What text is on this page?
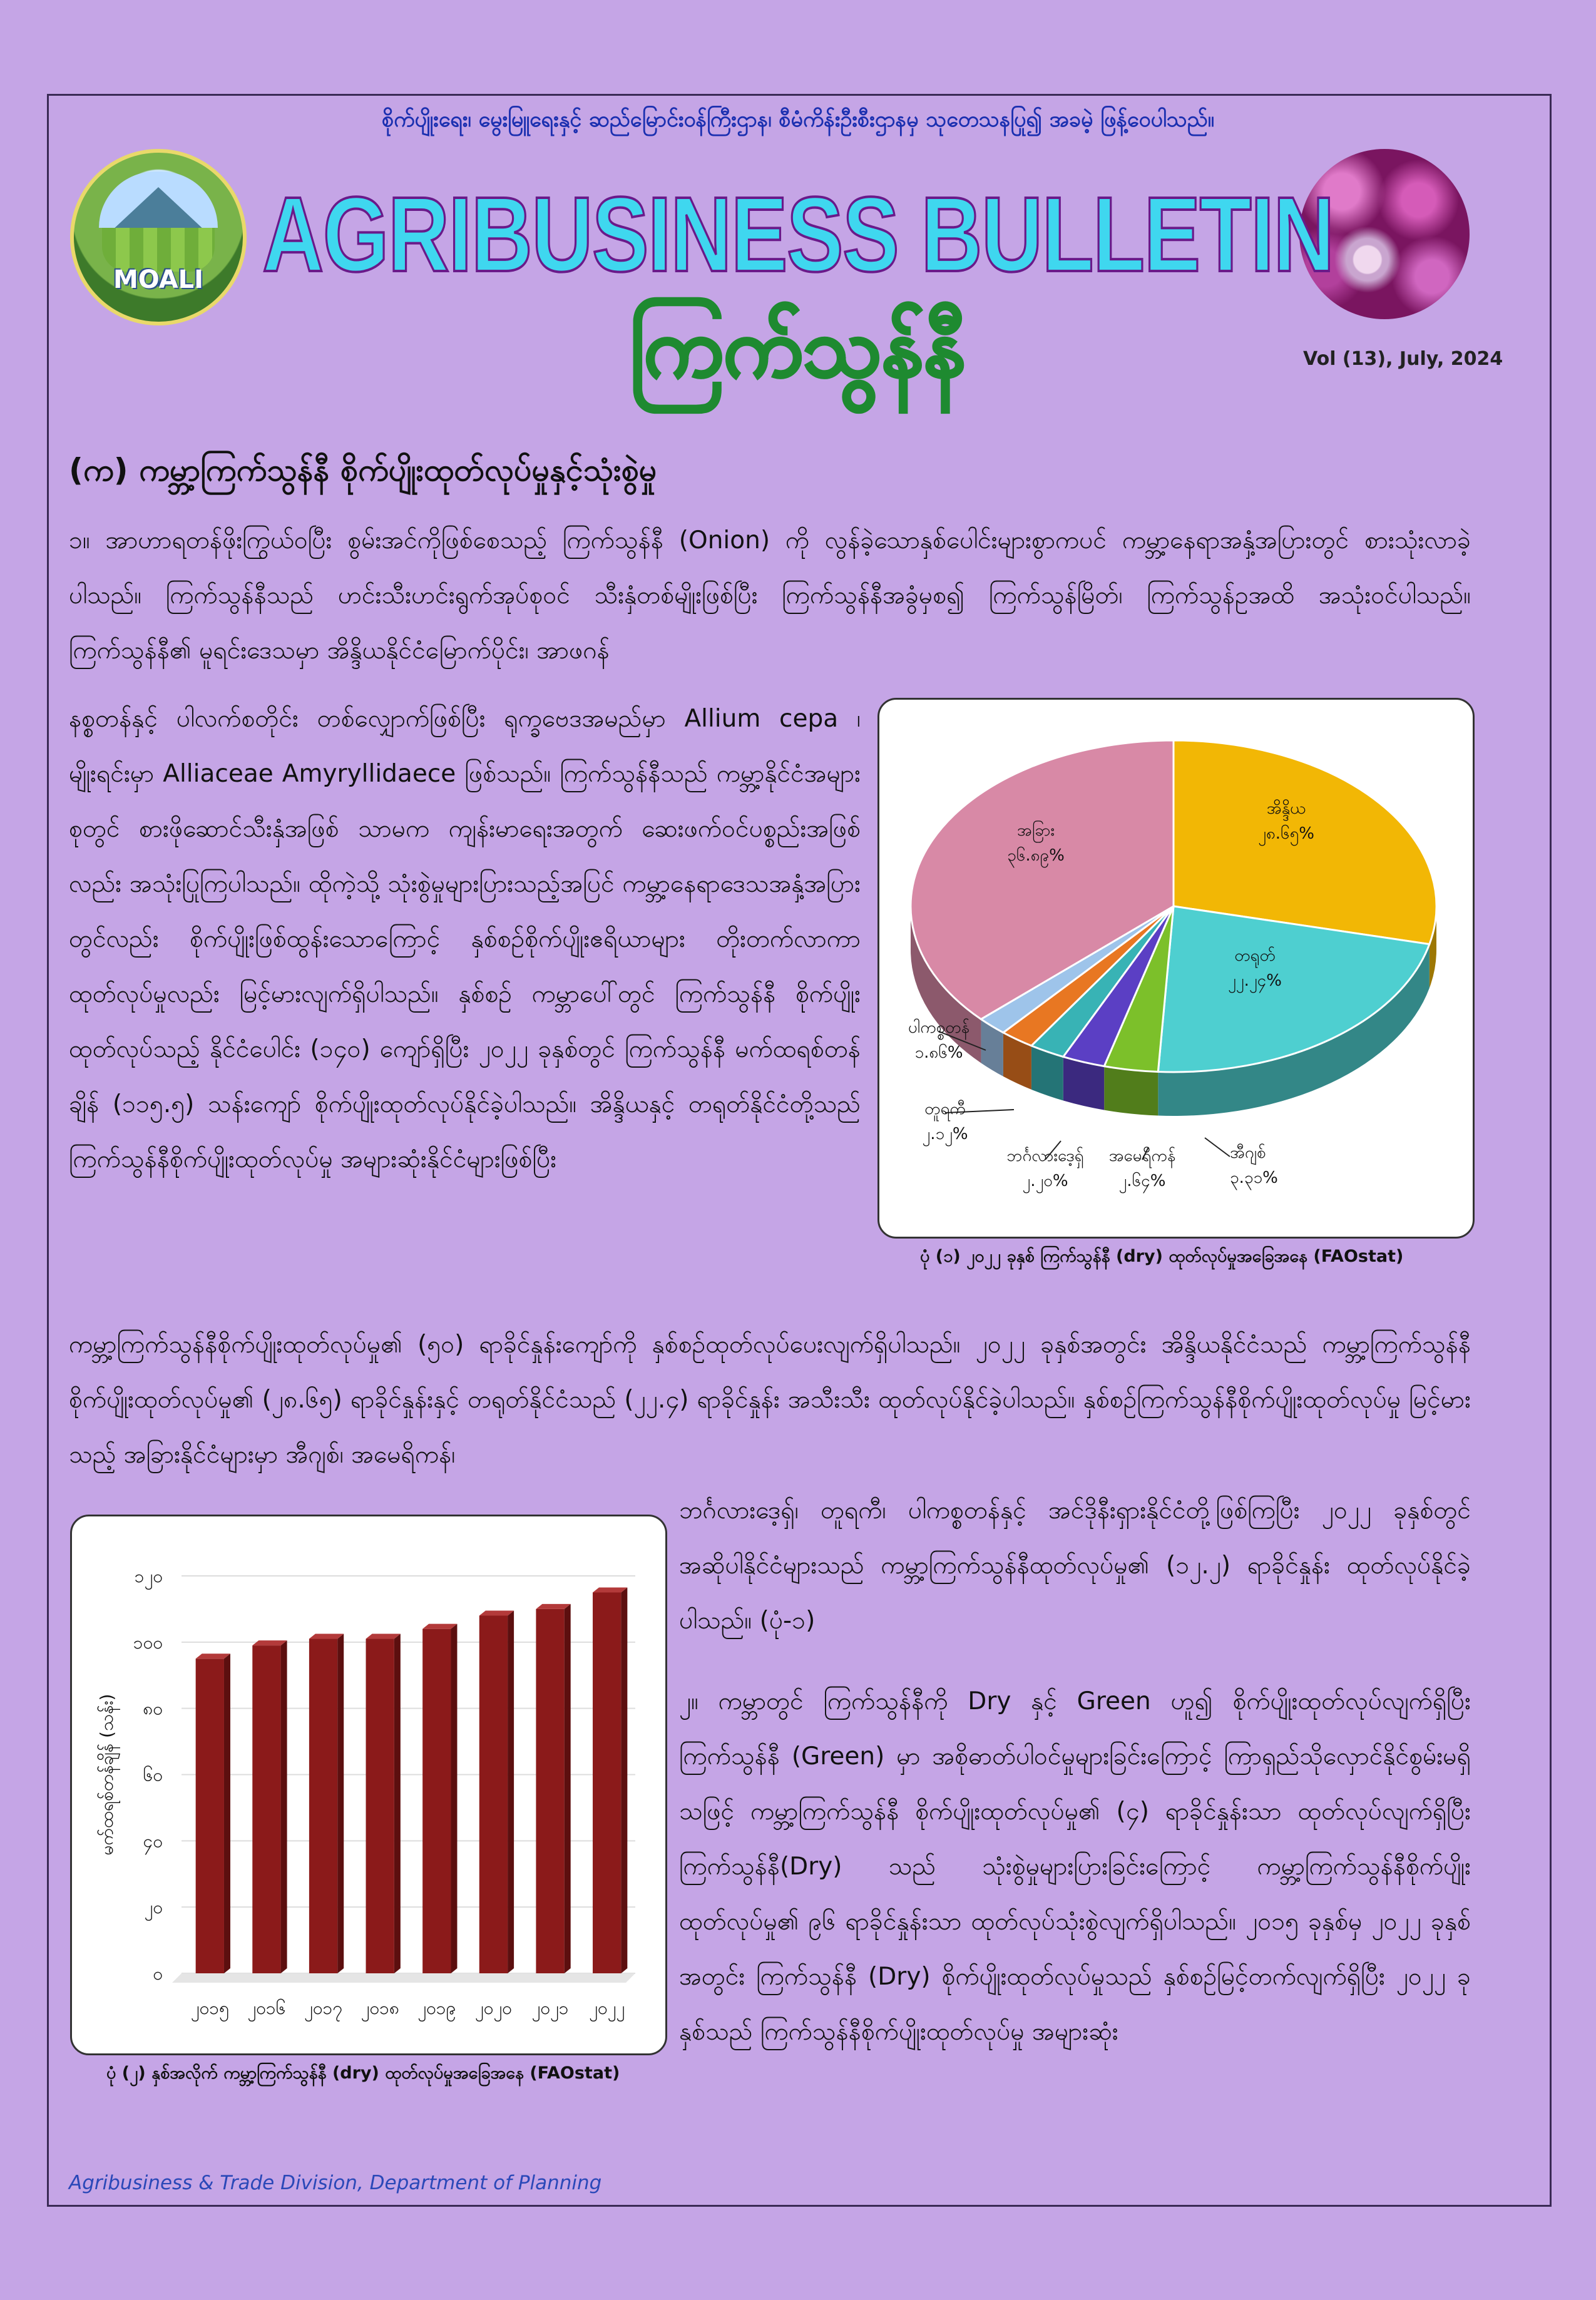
စိုက်ပျိုးရေး၊ မွေးမြူရေးနှင့် ဆည်မြောင်းဝန်ကြီးဌာန၊ စီမံကိန်းဦးစီးဌာနမှ သုတေသနပြု၍ အခမဲ့ ဖြန့်ဝေပါသည်။
MOALI AGRIBUSINESS BULLETIN
ကြက်သွန်နီ	Vol (13), July, 2024
(က) ကမ္ဘာ့ကြက်သွန်နီ စိုက်ပျိုးထုတ်လုပ်မှုနှင့်သုံးစွဲမှု
၁။ အာဟာရတန်ဖိုးကြွယ်ဝပြီး စွမ်းအင်ကိုဖြစ်စေသည့် ကြက်သွန်နီ (Onion) ကို လွန်ခဲ့သောနှစ်ပေါင်းများစွာကပင် ကမ္ဘာ့နေရာအနှံ့အပြားတွင် စားသုံးလာခဲ့ပါသည်။ ကြက်သွန်နီသည် ဟင်းသီးဟင်းရွက်အုပ်စုဝင် သီးနှံတစ်မျိုးဖြစ်ပြီး ကြက်သွန်နီအခွံမှစ၍ ကြက်သွန်မြိတ်၊ ကြက်သွန်ဥအထိ အသုံးဝင်ပါသည်။ ကြက်သွန်နီ၏ မူရင်းဒေသမှာ အိန္ဒိယနိုင်ငံမြောက်ပိုင်း၊ အာဖဂန်
နစ္စတန်နှင့် ပါလက်စတိုင်း တစ်လျှောက်ဖြစ်ပြီး ရုက္ခဗေဒအမည်မှာ Allium cepa ၊ မျိုးရင်းမှာ Alliaceae Amyryllidaece ဖြစ်သည်။ ကြက်သွန်နီသည် ကမ္ဘာ့နိုင်ငံအများစုတွင် စားဖိုဆောင်သီးနှံအဖြစ် သာမက ကျန်းမာရေးအတွက် ဆေးဖက်ဝင်ပစ္စည်းအဖြစ်လည်း အသုံးပြုကြပါသည်။ ထိုကဲ့သို့ သုံးစွဲမှုများပြားသည့်အပြင် ကမ္ဘာ့နေရာဒေသအနှံ့အပြားတွင်လည်း စိုက်ပျိုးဖြစ်ထွန်းသောကြောင့် နှစ်စဉ်စိုက်ပျိုးဧရိယာများ တိုးတက်လာကာ ထုတ်လုပ်မှုလည်း မြင့်မားလျက်ရှိပါသည်။ နှစ်စဉ် ကမ္ဘာပေါ်တွင် ကြက်သွန်နီ စိုက်ပျိုးထုတ်လုပ်သည့် နိုင်ငံပေါင်း (၁၄၀) ကျော်ရှိပြီး ၂၀၂၂ ခုနှစ်တွင် ကြက်သွန်နီ မက်ထရစ်တန်ချိန် (၁၁၅.၅) သန်းကျော် စိုက်ပျိုးထုတ်လုပ်နိုင်ခဲ့ပါသည်။ အိန္ဒိယနှင့် တရုတ်နိုင်ငံတို့သည် ကြက်သွန်နီစိုက်ပျိုးထုတ်လုပ်မှု အများဆုံးနိုင်ငံများဖြစ်ပြီး
ကမ္ဘာ့ကြက်သွန်နီစိုက်ပျိုးထုတ်လုပ်မှု၏ (၅၀) ရာခိုင်နှုန်းကျော်ကို နှစ်စဉ်ထုတ်လုပ်ပေးလျက်ရှိပါသည်။ ၂၀၂၂ ခုနှစ်အတွင်း အိန္ဒိယနိုင်ငံသည် ကမ္ဘာ့ကြက်သွန်နီစိုက်ပျိုးထုတ်လုပ်မှု၏ (၂၈.၆၅) ရာခိုင်နှုန်းနှင့် တရုတ်နိုင်ငံသည် (၂၂.၄) ရာခိုင်နှုန်း အသီးသီး ထုတ်လုပ်နိုင်ခဲ့ပါသည်။ နှစ်စဉ်ကြက်သွန်နီစိုက်ပျိုးထုတ်လုပ်မှု မြင့်မားသည့် အခြားနိုင်ငံများမှာ အီဂျစ်၊ အမေရိကန်၊
ဘင်္ဂလားဒေ့ရှ်၊ တူရကီ၊ ပါကစ္စတန်နှင့် အင်ဒိုနီးရှားနိုင်ငံတို့ဖြစ်ကြပြီး ၂၀၂၂ ခုနှစ်တွင် အဆိုပါနိုင်ငံများသည် ကမ္ဘာ့ကြက်သွန်နီထုတ်လုပ်မှု၏ (၁၂.၂) ရာခိုင်နှုန်း ထုတ်လုပ်နိုင်ခဲ့ပါသည်။ (ပုံ-၁)
၂။ ကမ္ဘာတွင် ကြက်သွန်နီကို Dry နှင့် Green ဟူ၍ စိုက်ပျိုးထုတ်လုပ်လျက်ရှိပြီး ကြက်သွန်နီ (Green) မှာ အစိုဓာတ်ပါဝင်မှုများခြင်းကြောင့် ကြာရှည်သိုလှောင်နိုင်စွမ်းမရှိသဖြင့် ကမ္ဘာ့ကြက်သွန်နီ စိုက်ပျိုးထုတ်လုပ်မှု၏ (၄) ရာခိုင်နှုန်းသာ ထုတ်လုပ်လျက်ရှိပြီး ကြက်သွန်နီ(Dry) သည် သုံးစွဲမှုများပြားခြင်းကြောင့် ကမ္ဘာ့ကြက်သွန်နီစိုက်ပျိုးထုတ်လုပ်မှု၏ ၉၆ ရာခိုင်နှုန်းသာ ထုတ်လုပ်သုံးစွဲလျက်ရှိပါသည်။ ၂၀၁၅ ခုနှစ်မှ ၂၀၂၂ ခုနှစ်အတွင်း ကြက်သွန်နီ (Dry) စိုက်ပျိုးထုတ်လုပ်မှုသည် နှစ်စဉ်မြင့်တက်လျက်ရှိပြီး ၂၀၂၂ ခုနှစ်သည် ကြက်သွန်နီစိုက်ပျိုးထုတ်လုပ်မှု အများဆုံး
အိန္ဒိယ
၂၈.၆၅%
တရုတ်
၂၂.၂၄%
အီဂျစ်
၃.၃၁%
အမေရိကန်
၂.၆၄%
ဘင်္ဂလားဒေ့ရှ်
၂.၂၀%
တူရကီ
၂.၁၂%
ပါကစ္စတန်
၁.၈၆%
အခြား
၃၆.၈၉%
ပုံ (၁) ၂၀၂၂ ခုနှစ် ကြက်သွန်နီ (dry) ထုတ်လုပ်မှုအခြေအနေ (FAOstat)
၀
၂၀
၄၀
၆၀
၈၀
၁၀၀
၁၂၀
မက်ထရစ်တန်ချိန် (သန်း)
၂၀၁၅ ၂၀၁၆ ၂၀၁၇ ၂၀၁၈ ၂၀၁၉ ၂၀၂၀ ၂၀၂၁ ၂၀၂၂
ပုံ (၂) နှစ်အလိုက် ကမ္ဘာ့ကြက်သွန်နီ (dry) ထုတ်လုပ်မှုအခြေအနေ (FAOstat)
Agribusiness & Trade Division, Department of Planning
